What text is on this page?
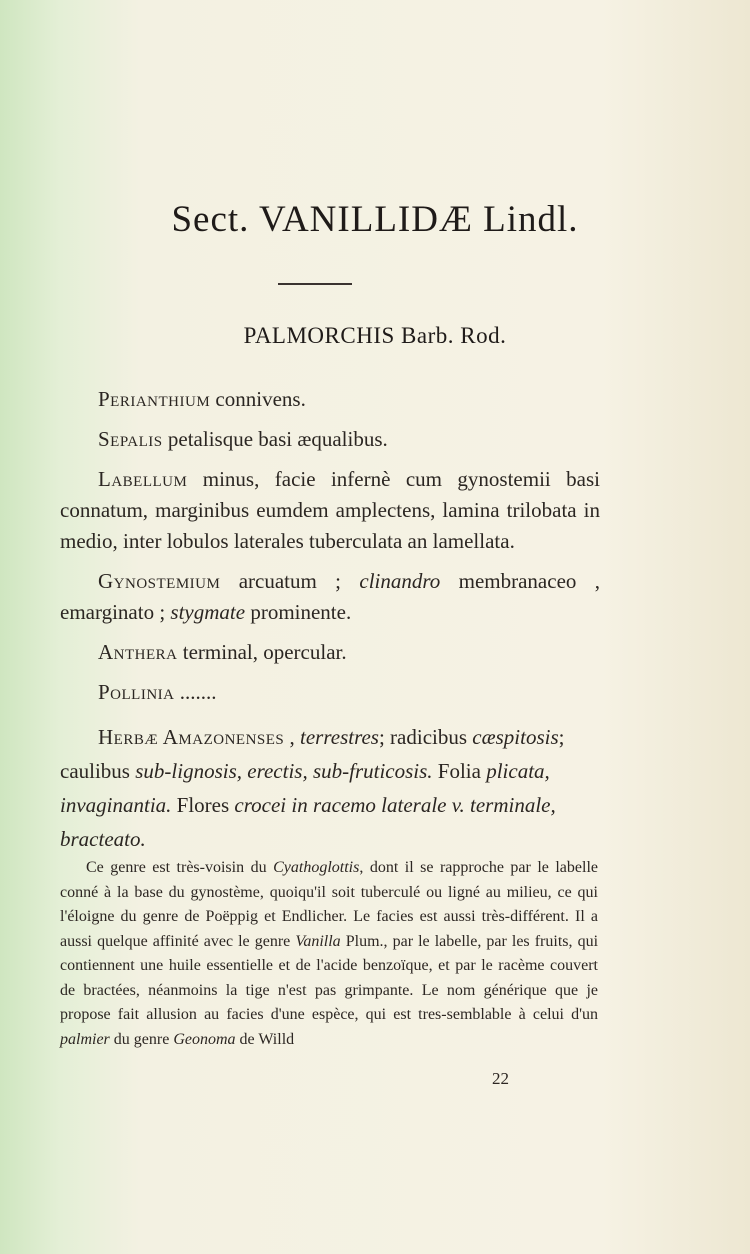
Sect. VANILLIDÆ Lindl.
PALMORCHIS Barb. Rod.

Perianthium connivens.

Sepalis petalisque basi æqualibus.

Labellum minus, facie infernè cum gynostemii basi connatum, marginibus eumdem amplectens, lamina trilobata in medio, inter lobulos laterales tuberculata an lamellata.

Gynostemium arcuatum ; clinandro membranaceo , emarginato ; stygmate prominente.

Anthera terminal, opercular.

Pollinia .......

Herbæ Amazonenses , terrestres; radicibus cæspitosis; caulibus sub-lignosis, erectis, sub-fruticosis. Folia plicata, invaginantia. Flores crocei in racemo laterale v. terminale, bracteato.

Ce genre est très-voisin du Cyathoglottis, dont il se rapproche par le labelle conné à la base du gynostème, quoiqu'il soit tuberculé ou ligné au milieu, ce qui l'éloigne du genre de Poëppig et Endlicher. Le facies est aussi très-différent. Il a aussi quelque affinité avec le genre Vanilla Plum., par le labelle, par les fruits, qui contiennent une huile essentielle et de l'acide benzoïque, et par le racème couvert de bractées, néanmoins la tige n'est pas grimpante. Le nom générique que je propose fait allusion au facies d'une espèce, qui est tres-semblable à celui d'un palmier du genre Geonoma de Willd
22
